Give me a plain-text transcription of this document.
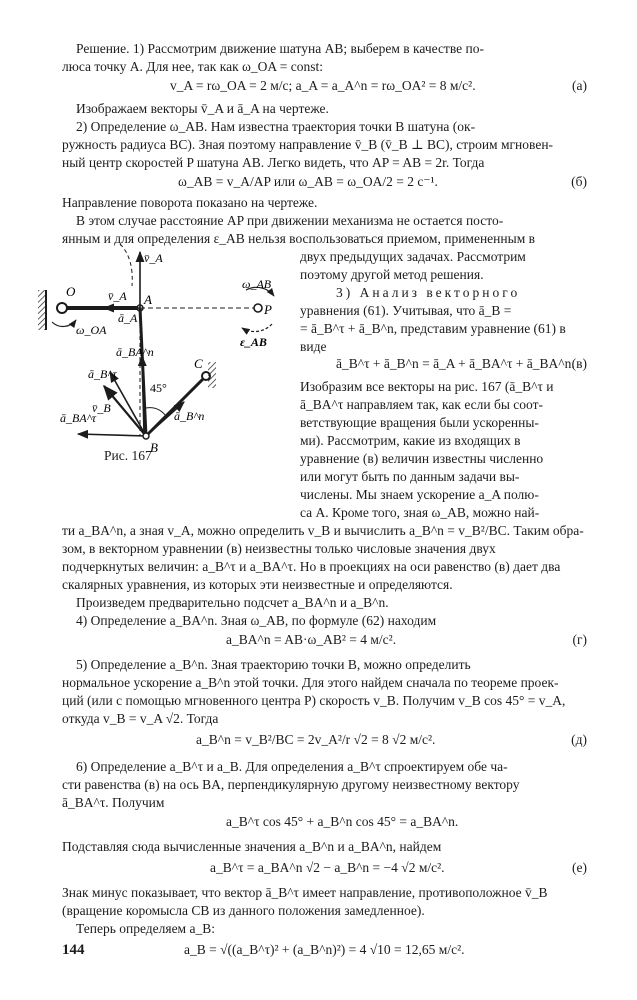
Решение. 1) Рассмотрим движение шатуна AB; выберем в качестве по-
люса точку A. Для нее, так как ω_OA = const:
v_A = rω_OA = 2 м/с; a_A = a_A^n = rω_OA² = 8 м/с².	(а)
Изображаем векторы v̄_A и ā_A на чертеже.
2) Определение ω_AB. Нам известна траектория точки B шатуна (ок-
ружность радиуса BC). Зная поэтому направление v̄_B (v̄_B ⊥ BC), строим мгновен-
ный центр скоростей P шатуна AB. Легко видеть, что AP = AB = 2r. Тогда
ω_AB = v_A/AP или ω_AB = ω_OA/2 = 2 с⁻¹.	(б)
Направление поворота показано на чертеже.
В этом случае расстояние AP при движении механизма не остается посто-
янным и для определения ε_AB нельзя воспользоваться приемом, примененным в
двух предыдущих задачах. Рассмотрим
поэтому другой метод решения.
3) Анализ векторного
уравнения (61). Учитывая, что ā_B =
= ā_B^τ + ā_B^n, представим уравнение (61) в
виде
ā_B^τ + ā_B^n = ā_A + ā_BA^τ + ā_BA^n.
(в)
Изобразим все векторы на рис. 167 (ā_B^τ и
ā_BA^τ направляем так, как если бы соот-
ветствующие вращения были ускоренны-
ми). Рассмотрим, какие из входящих в
уравнение (в) величин известны численно
или могут быть по данным задачи вы-
числены. Мы знаем ускорение a_A полю-
са A. Кроме того, зная ω_AB, можно най-
ти a_BA^n, а зная v_A, можно определить v_B и вычислить a_B^n = v_B²/BC. Таким обра-
зом, в векторном уравнении (в) неизвестны только числовые значения двух
подчеркнутых величин: a_B^τ и a_BA^τ. Но в проекциях на оси равенство (в) дает два
скалярных уравнения, из которых эти неизвестные и определяются.
Произведем предварительно подсчет a_BA^n и a_B^n.
4) Определение a_BA^n. Зная ω_AB, по формуле (62) находим
a_BA^n = AB·ω_AB² = 4 м/с².	(г)
5) Определение a_B^n. Зная траекторию точки B, можно определить
нормальное ускорение a_B^n этой точки. Для этого найдем сначала по теореме проек-
ций (или с помощью мгновенного центра P) скорость v_B. Получим v_B cos 45° = v_A,
откуда v_B = v_A √2. Тогда
a_B^n = v_B²/BC = 2v_A²/r √2 = 8 √2 м/с².	(д)
6) Определение a_B^τ и a_B. Для определения a_B^τ спроектируем обе ча-
сти равенства (в) на ось BA, перпендикулярную другому неизвестному вектору
ā_BA^τ. Получим
a_B^τ cos 45° + a_B^n cos 45° = a_BA^n.
Подставляя сюда вычисленные значения a_B^n и a_BA^n, найдем
a_B^τ = a_BA^n √2 − a_B^n = −4 √2 м/с².	(е)
Знак минус показывает, что вектор ā_B^τ имеет направление, противоположное v̄_B
(вращение коромысла CB из данного положения замедленное).
Теперь определяем a_B:
a_B = √((a_B^τ)² + (a_B^n)²) = 4 √10 = 12,65 м/с².
144
O
A
B
C
P
v̄_A
v̄_A
ā_A
ω_OA
ā_BA^n
ā_B^τ
v̄_B
ā_BA^τ	ā_B^n
ω_AB
ε_AB
45°
Рис. 167
